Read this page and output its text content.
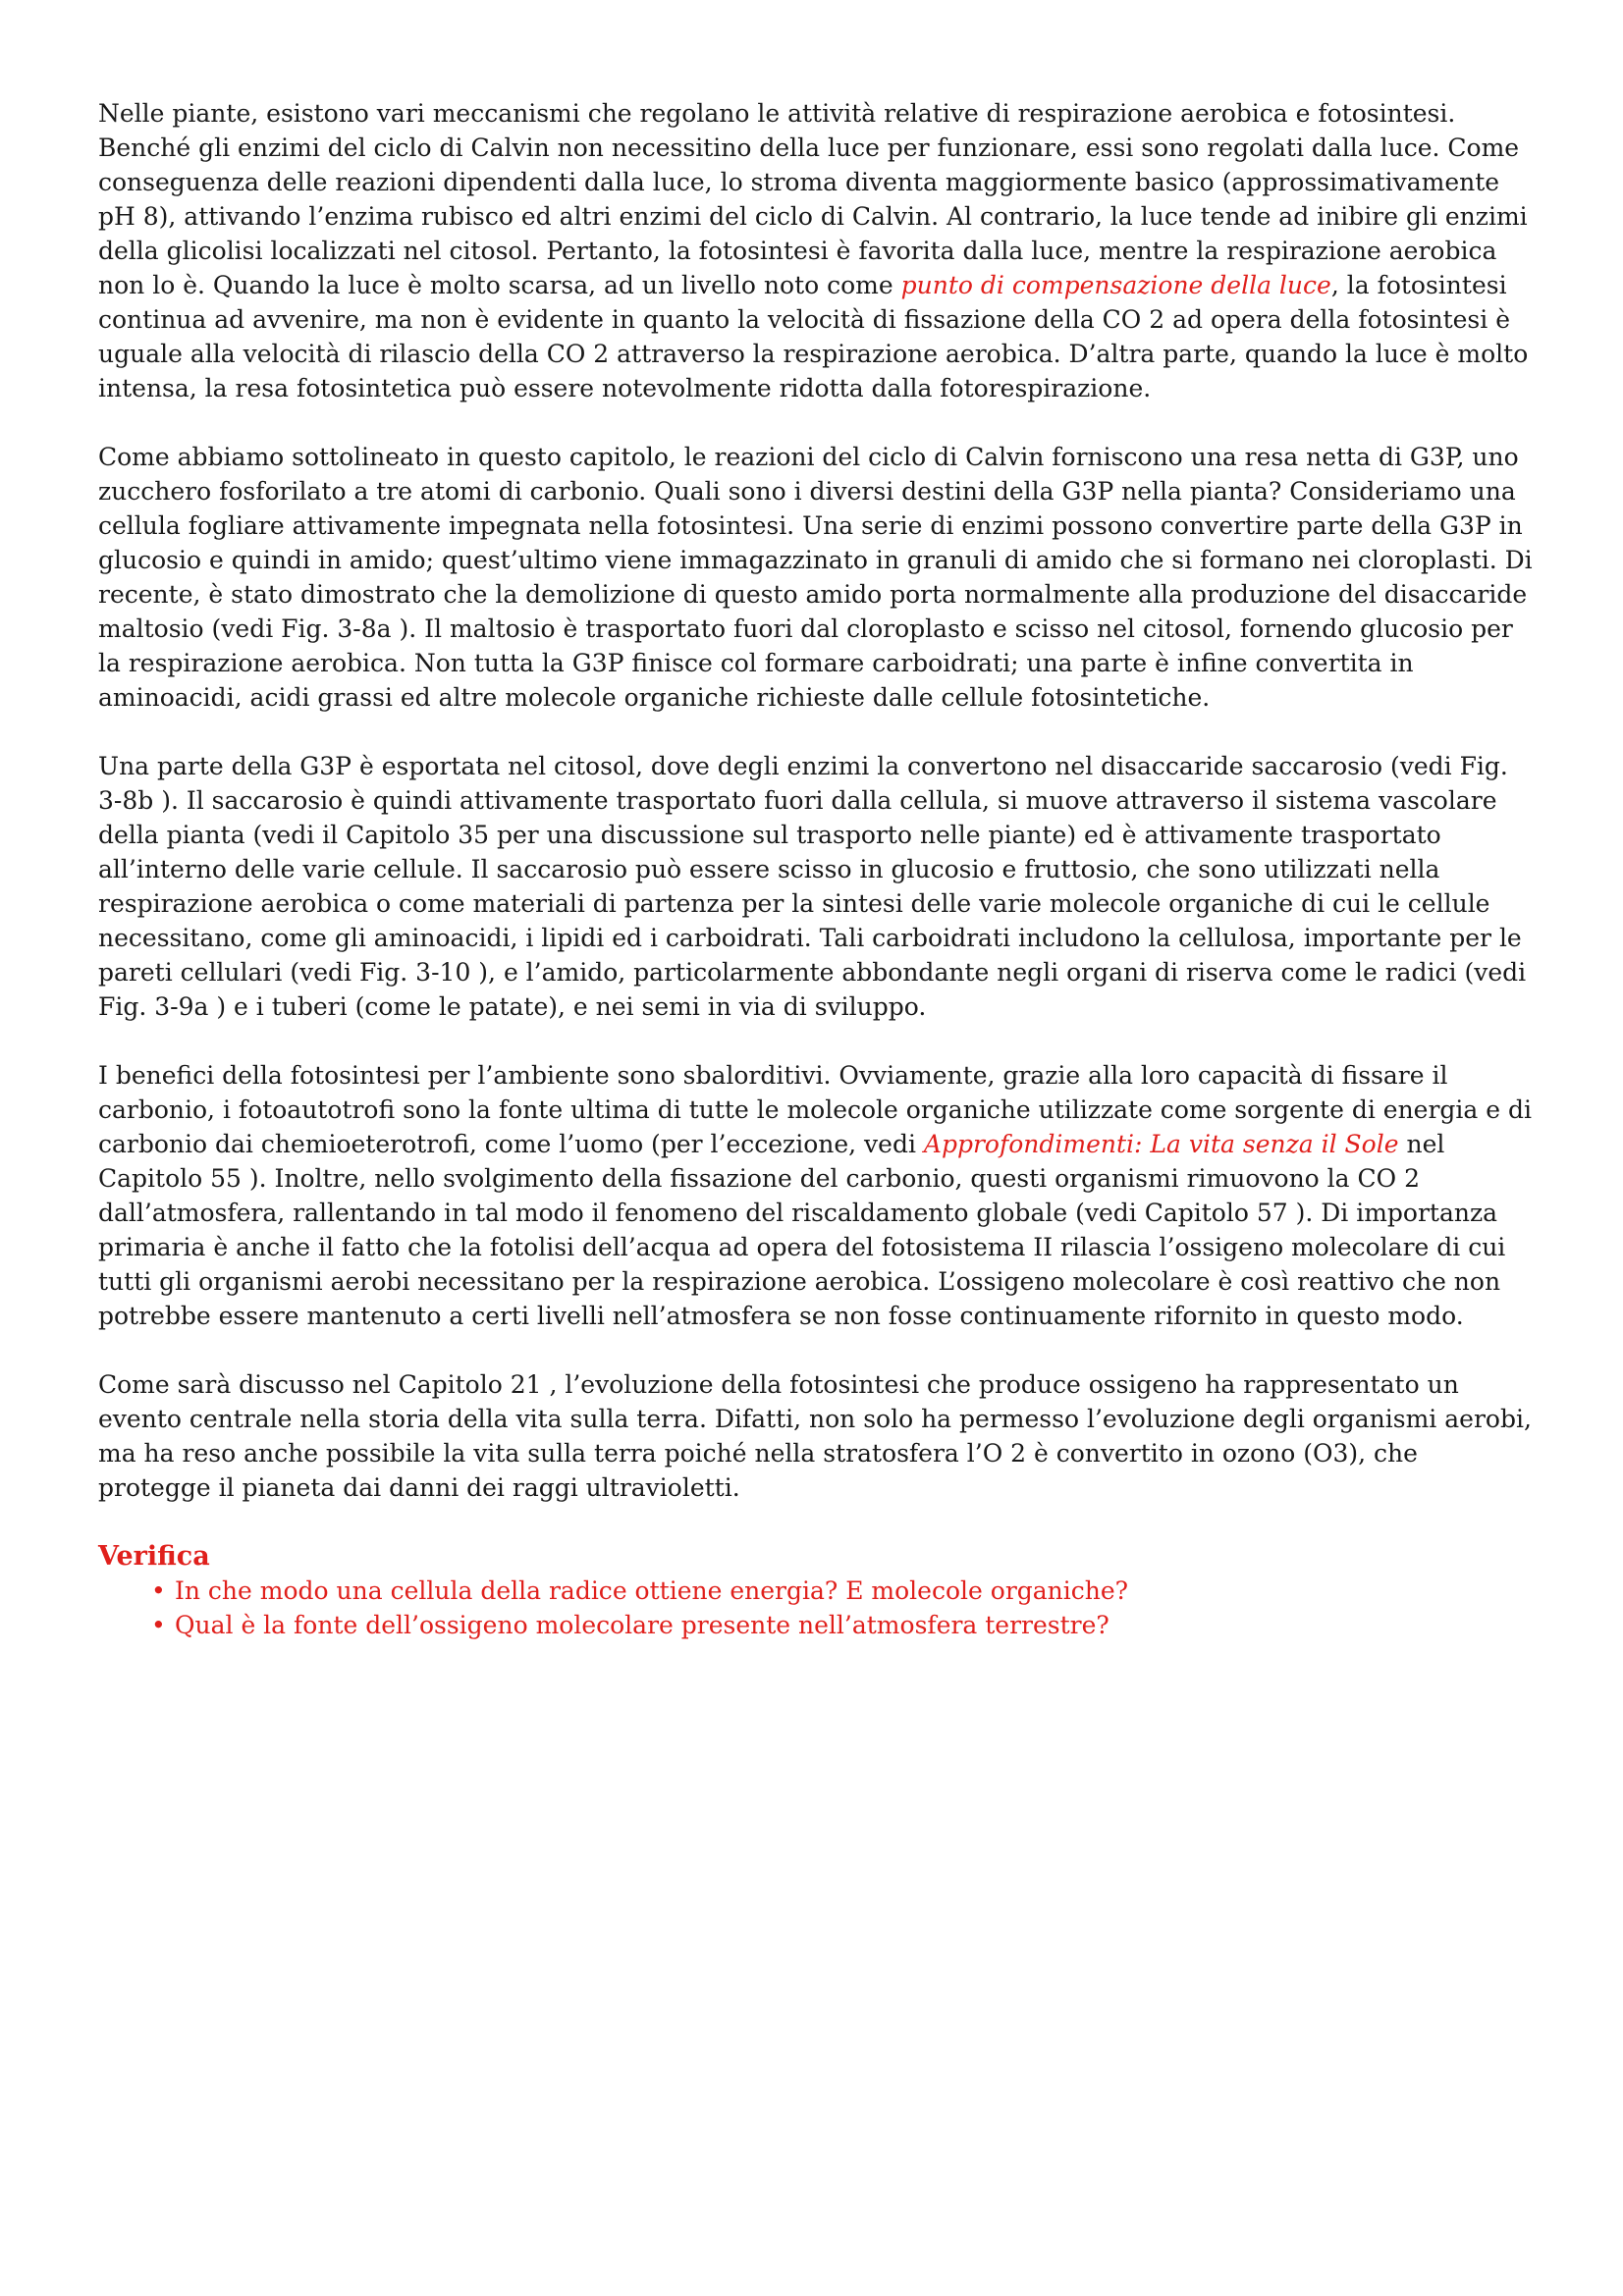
Nelle piante, esistono vari meccanismi che regolano le attività relative di respirazione aerobica e fotosintesi. Benché gli enzimi del ciclo di Calvin non necessitino della luce per funzionare, essi sono regolati dalla luce. Come conseguenza delle reazioni dipendenti dalla luce, lo stroma diventa maggiormente basico (approssimativamente pH 8), attivando l’enzima rubisco ed altri enzimi del ciclo di Calvin. Al contrario, la luce tende ad inibire gli enzimi della glicolisi localizzati nel citosol. Pertanto, la fotosintesi è favorita dalla luce, mentre la respirazione aerobica non lo è. Quando la luce è molto scarsa, ad un livello noto come punto di compensazione della luce, la fotosintesi continua ad avvenire, ma non è evidente in quanto la velocità di fissazione della CO 2 ad opera della fotosintesi è uguale alla velocità di rilascio della CO 2 attraverso la respirazione aerobica. D’altra parte, quando la luce è molto intensa, la resa fotosintetica può essere notevolmente ridotta dalla fotorespirazione.

Come abbiamo sottolineato in questo capitolo, le reazioni del ciclo di Calvin forniscono una resa netta di G3P, uno zucchero fosforilato a tre atomi di carbonio. Quali sono i diversi destini della G3P nella pianta? Consideriamo una cellula fogliare attivamente impegnata nella fotosintesi. Una serie di enzimi possono convertire parte della G3P in glucosio e quindi in amido; quest’ultimo viene immagazzinato in granuli di amido che si formano nei cloroplasti. Di recente, è stato dimostrato che la demolizione di questo amido porta normalmente alla produzione del disaccaride maltosio (vedi Fig. 3-8a ). Il maltosio è trasportato fuori dal cloroplasto e scisso nel citosol, fornendo glucosio per la respirazione aerobica. Non tutta la G3P finisce col formare carboidrati; una parte è infine convertita in aminoacidi, acidi grassi ed altre molecole organiche richieste dalle cellule fotosintetiche.

Una parte della G3P è esportata nel citosol, dove degli enzimi la convertono nel disaccaride saccarosio (vedi Fig. 3-8b ). Il saccarosio è quindi attivamente trasportato fuori dalla cellula, si muove attraverso il sistema vascolare della pianta (vedi il Capitolo 35 per una discussione sul trasporto nelle piante) ed è attivamente trasportato all’interno delle varie cellule. Il saccarosio può essere scisso in glucosio e fruttosio, che sono utilizzati nella respirazione aerobica o come materiali di partenza per la sintesi delle varie molecole organiche di cui le cellule necessitano, come gli aminoacidi, i lipidi ed i carboidrati. Tali carboidrati includono la cellulosa, importante per le pareti cellulari (vedi Fig. 3-10 ), e l’amido, particolarmente abbondante negli organi di riserva come le radici (vedi Fig. 3-9a ) e i tuberi (come le patate), e nei semi in via di sviluppo.

I benefici della fotosintesi per l’ambiente sono sbalorditivi. Ovviamente, grazie alla loro capacità di fissare il carbonio, i fotoautotrofi sono la fonte ultima di tutte le molecole organiche utilizzate come sorgente di energia e di carbonio dai chemioeterotrofi, come l’uomo (per l’eccezione, vedi Approfondimenti: La vita senza il Sole nel Capitolo 55 ). Inoltre, nello svolgimento della fissazione del carbonio, questi organismi rimuovono la CO 2 dall’atmosfera, rallentando in tal modo il fenomeno del riscaldamento globale (vedi Capitolo 57 ). Di importanza primaria è anche il fatto che la fotolisi dell’acqua ad opera del fotosistema II rilascia l’ossigeno molecolare di cui tutti gli organismi aerobi necessitano per la respirazione aerobica. L’ossigeno molecolare è così reattivo che non potrebbe essere mantenuto a certi livelli nell’atmosfera se non fosse continuamente rifornito in questo modo.

Come sarà discusso nel Capitolo 21 , l’evoluzione della fotosintesi che produce ossigeno ha rappresentato un evento centrale nella storia della vita sulla terra. Difatti, non solo ha permesso l’evoluzione degli organismi aerobi, ma ha reso anche possibile la vita sulla terra poiché nella stratosfera l’O 2 è convertito in ozono (O3), che protegge il pianeta dai danni dei raggi ultravioletti.

Verifica

• In che modo una cellula della radice ottiene energia? E molecole organiche?
• Qual è la fonte dell’ossigeno molecolare presente nell’atmosfera terrestre?
